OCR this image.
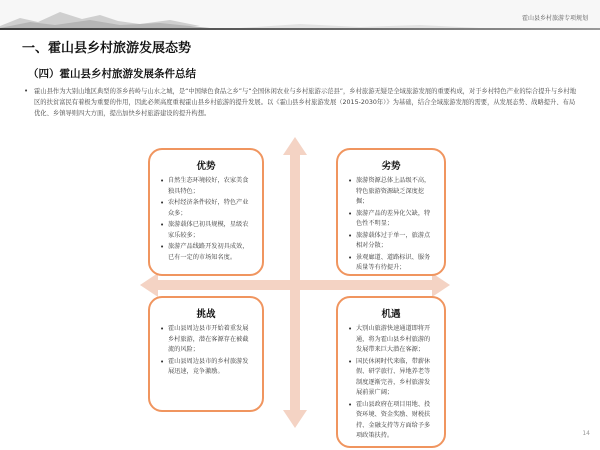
霍山县乡村旅游专项规划
一、霍山县乡村旅游发展态势
（四）霍山县乡村旅游发展条件总结
• 霍山县作为大别山地区典型的茶乡药岭与山水之城，是“中国绿色食品之乡”与“全国休闲农业与乡村旅游示范县”，乡村旅游无疑是全域旅游发展的重要构成，对于乡村特色产业的综合提升与乡村地区的扶贫富民有着极为重要的作用，因此必须高度重视霍山县乡村旅游的提升发展。以《霍山县乡村旅游发展（2015-2030年）》为基础，结合全域旅游发展的需要，从发展态势、战略提升、布局优化、乡镇导则四大方面，提出加快乡村旅游建设的提升构想。
优势
• 自然生态环境较好，农家美食独具特色；
• 农村经济条件较好，特色产业众多；
• 旅游载体已初具规模，星级农家乐较多；
• 旅游产品线路开发初具成效，已有一定的市场知名度。
劣势
• 旅游资源总体上品级不高，特色旅游资源缺乏深度挖掘；
• 旅游产品的差异化欠缺，特色性不明显；
• 旅游载体过于单一，旅游点相对分散；
• 景观廊道、道路标识、服务质量等有待提升；
挑战
• 霍山县周边县市开始着重发展乡村旅游，潜在客源存在被截流的风险；
• 霍山县周边县市的乡村旅游发展迅速，竞争激励。
机遇
• 大别山旅游快速通道即将开通，将为霍山县乡村旅游的发展带来巨大潜在客源；
• 国民休闲时代来临，带薪休假、研学旅行、异地养老等制度逐渐完善，乡村旅游发展前景广阔；
• 霍山县政府在项目用地、投资环境、资金奖励、财税扶持、金融支持等方面给予多项政策扶持。	14
